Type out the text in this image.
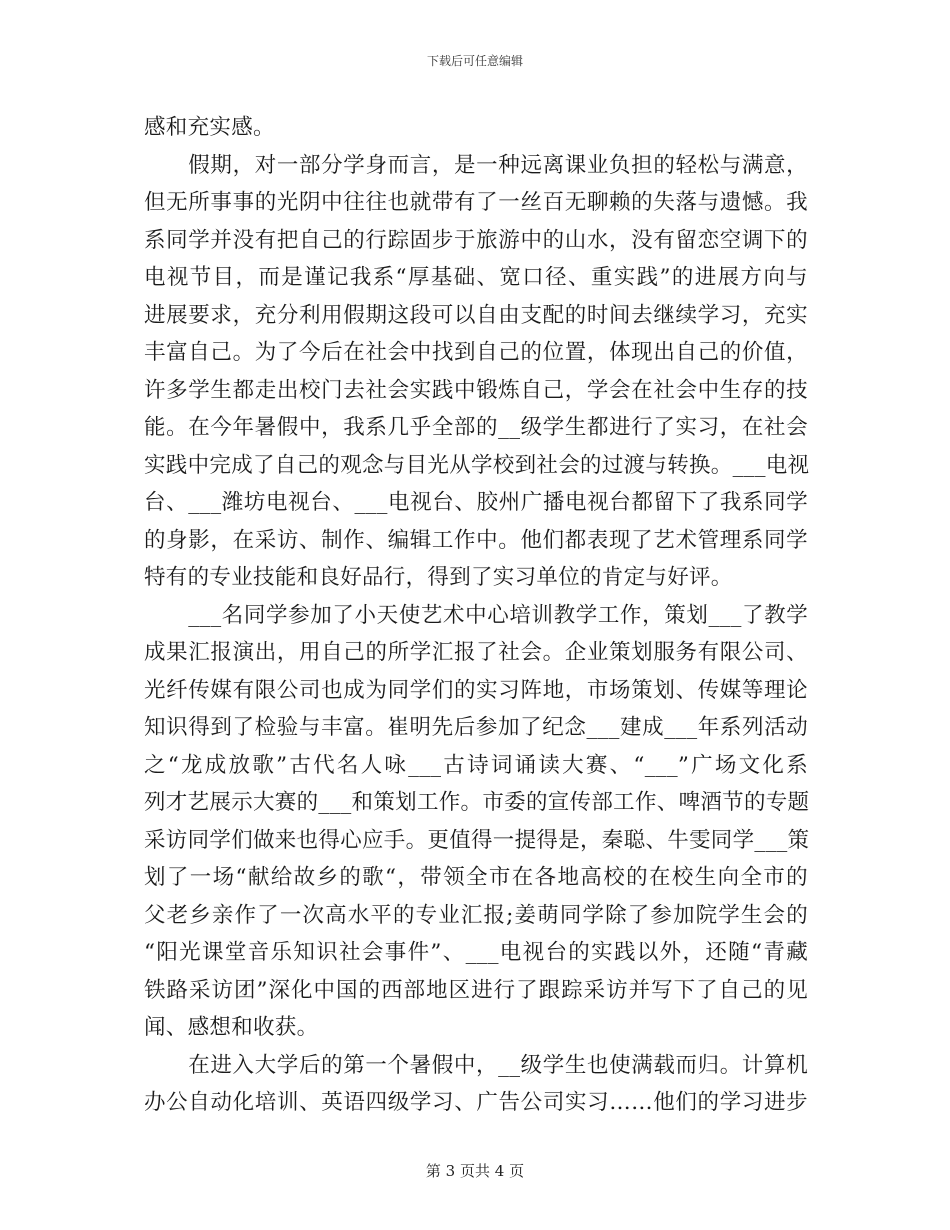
下载后可任意编辑
感和充实感。
　　假期，对一部分学身而言，是一种远离课业负担的轻松与满意，
但无所事事的光阴中往往也就带有了一丝百无聊赖的失落与遗憾。我
系同学并没有把自己的行踪固步于旅游中的山水，没有留恋空调下的
电视节目，而是谨记我系“厚基础、宽口径、重实践”的进展方向与
进展要求，充分利用假期这段可以自由支配的时间去继续学习，充实
丰富自己。为了今后在社会中找到自己的位置，体现出自己的价值，
许多学生都走出校门去社会实践中锻炼自己，学会在社会中生存的技
能。在今年暑假中，我系几乎全部的__级学生都进行了实习，在社会
实践中完成了自己的观念与目光从学校到社会的过渡与转换。___电视
台、___潍坊电视台、___电视台、胶州广播电视台都留下了我系同学
的身影，在采访、制作、编辑工作中。他们都表现了艺术管理系同学
特有的专业技能和良好品行，得到了实习单位的肯定与好评。
　　___名同学参加了小天使艺术中心培训教学工作，策划___了教学
成果汇报演出，用自己的所学汇报了社会。企业策划服务有限公司、
光纤传媒有限公司也成为同学们的实习阵地，市场策划、传媒等理论
知识得到了检验与丰富。崔明先后参加了纪念___建成___年系列活动
之“龙成放歌”古代名人咏___古诗词诵读大赛、“___”广场文化系
列才艺展示大赛的___和策划工作。市委的宣传部工作、啤酒节的专题
采访同学们做来也得心应手。更值得一提得是，秦聪、牛雯同学___策
划了一场“献给故乡的歌“，带领全市在各地高校的在校生向全市的
父老乡亲作了一次高水平的专业汇报;姜萌同学除了参加院学生会的
“阳光课堂音乐知识社会事件”、___电视台的实践以外，还随“青藏
铁路采访团”深化中国的西部地区进行了跟踪采访并写下了自己的见
闻、感想和收获。
　　在进入大学后的第一个暑假中，__级学生也使满载而归。计算机
办公自动化培训、英语四级学习、广告公司实习……他们的学习进步
第 3 页共 4 页
